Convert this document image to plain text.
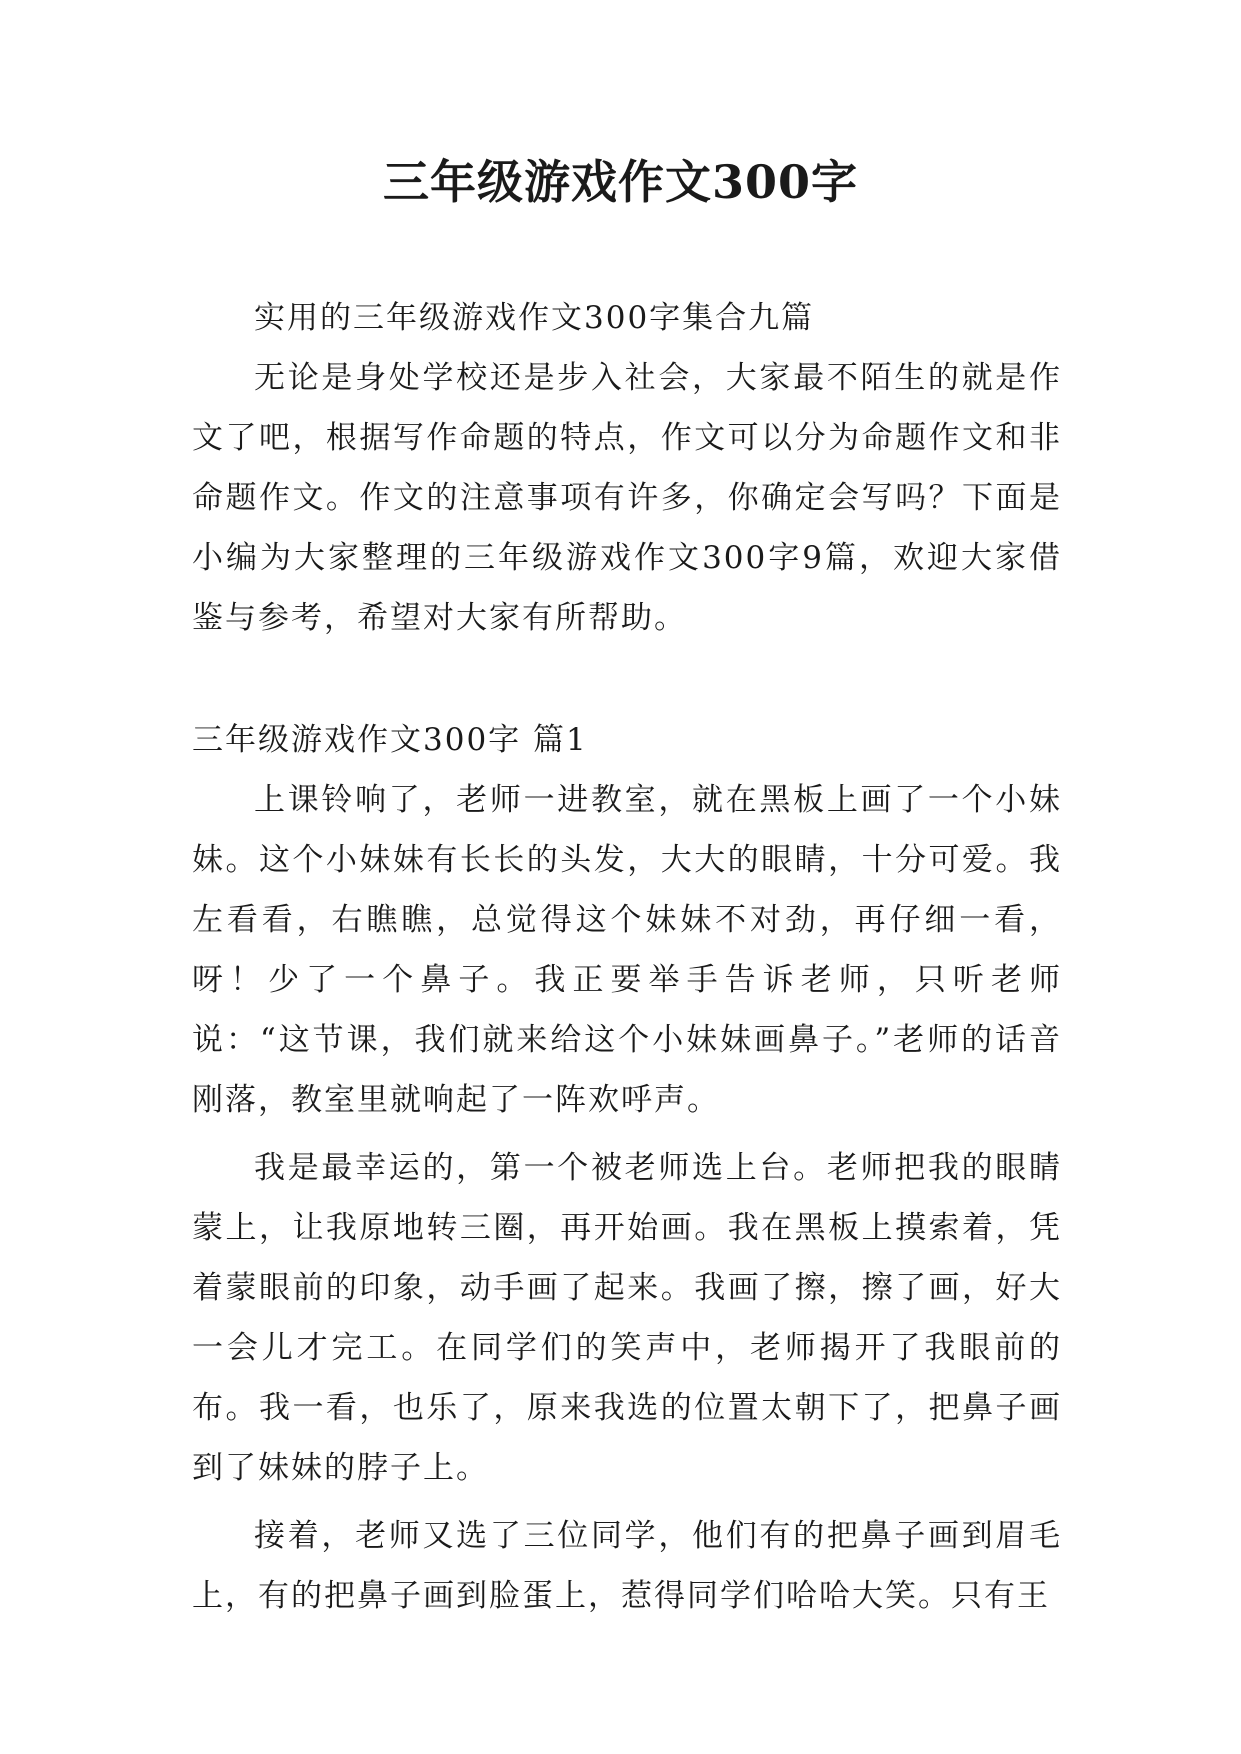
三年级游戏作文300字

实用的三年级游戏作文300字集合九篇

无论是身处学校还是步入社会，大家最不陌生的就是作文了吧，根据写作命题的特点，作文可以分为命题作文和非命题作文。作文的注意事项有许多，你确定会写吗？下面是小编为大家整理的三年级游戏作文300字9篇，欢迎大家借鉴与参考，希望对大家有所帮助。

三年级游戏作文300字 篇1

上课铃响了，老师一进教室，就在黑板上画了一个小妹妹。这个小妹妹有长长的头发，大大的眼睛，十分可爱。我左看看，右瞧瞧，总觉得这个妹妹不对劲，再仔细一看，呀！少了一个鼻子。我正要举手告诉老师，只听老师说：“这节课，我们就来给这个小妹妹画鼻子。”老师的话音刚落，教室里就响起了一阵欢呼声。

我是最幸运的，第一个被老师选上台。老师把我的眼睛蒙上，让我原地转三圈，再开始画。我在黑板上摸索着，凭着蒙眼前的印象，动手画了起来。我画了擦，擦了画，好大一会儿才完工。在同学们的笑声中，老师揭开了我眼前的布。我一看，也乐了，原来我选的位置太朝下了，把鼻子画到了妹妹的脖子上。

接着，老师又选了三位同学，他们有的把鼻子画到眉毛上，有的把鼻子画到脸蛋上，惹得同学们哈哈大笑。只有王
